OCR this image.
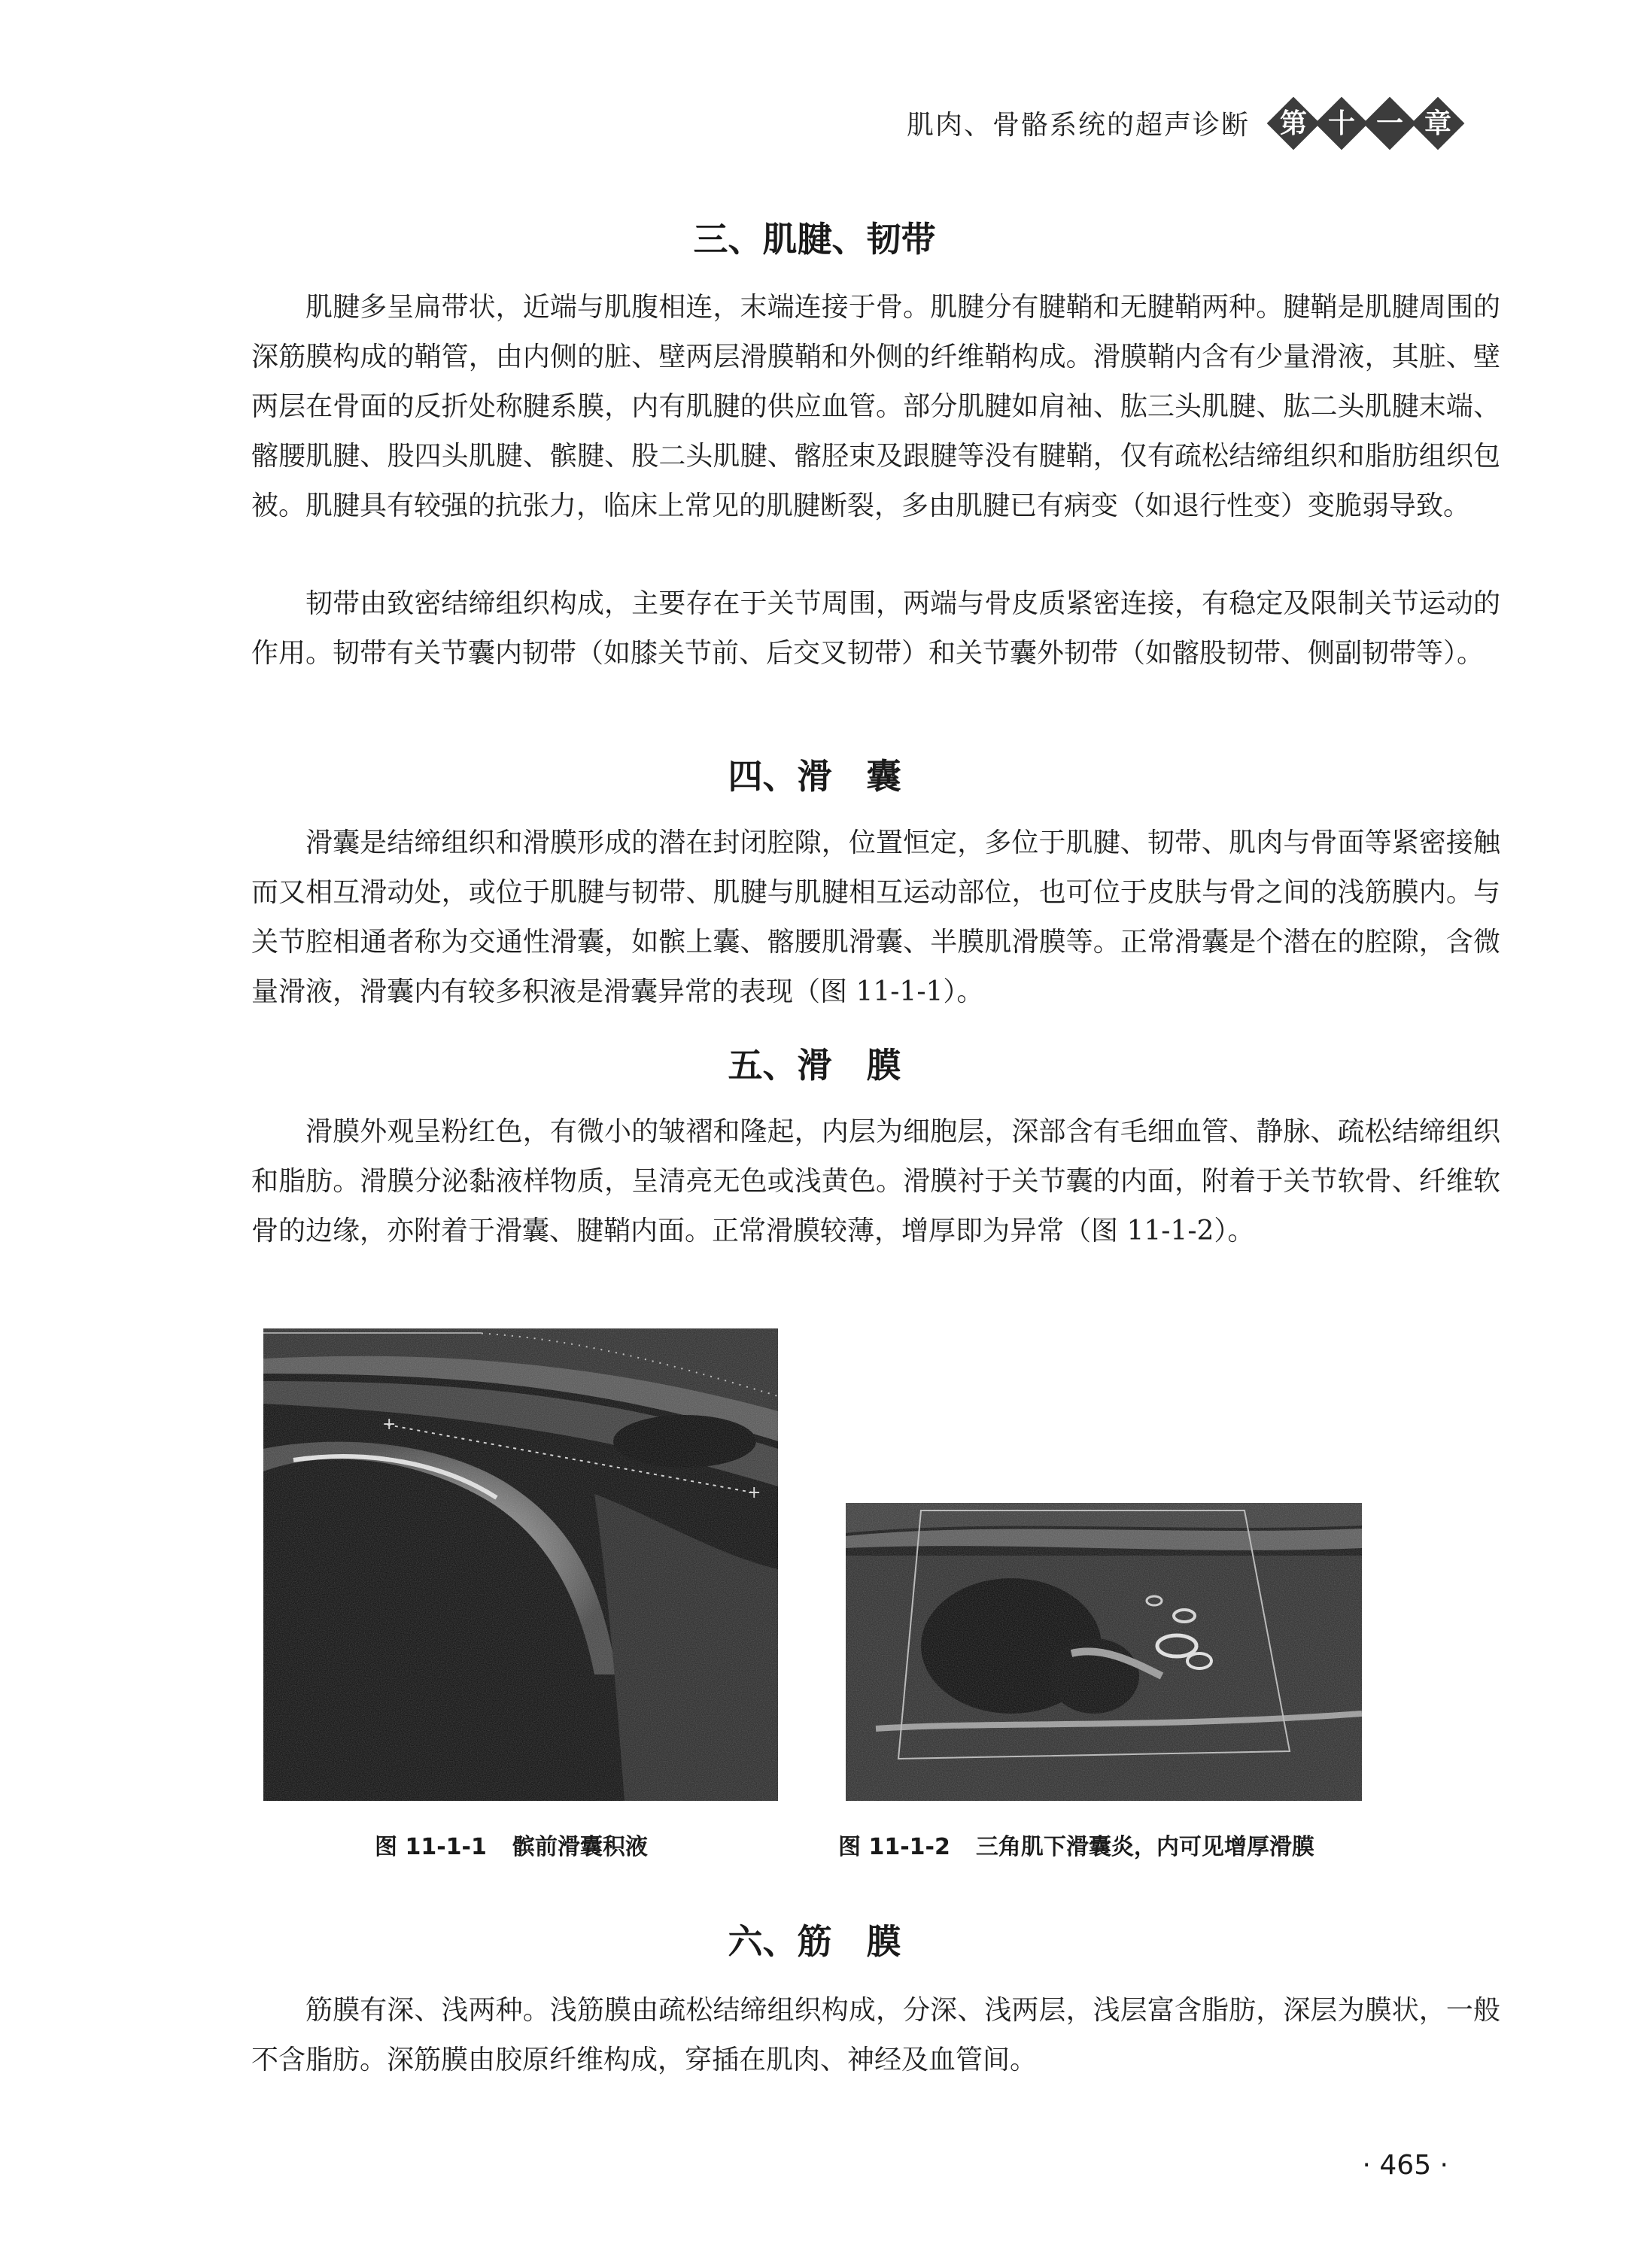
肌肉、骨骼系统的超声诊断 第 十 一 章
三、肌腱、韧带

肌腱多呈扁带状，近端与肌腹相连，末端连接于骨。肌腱分有腱鞘和无腱鞘两种。腱鞘是肌腱周围的深筋膜构成的鞘管，由内侧的脏、壁两层滑膜鞘和外侧的纤维鞘构成。滑膜鞘内含有少量滑液，其脏、壁两层在骨面的反折处称腱系膜，内有肌腱的供应血管。部分肌腱如肩袖、肱三头肌腱、肱二头肌腱末端、髂腰肌腱、股四头肌腱、髌腱、股二头肌腱、髂胫束及跟腱等没有腱鞘，仅有疏松结缔组织和脂肪组织包被。肌腱具有较强的抗张力，临床上常见的肌腱断裂，多由肌腱已有病变（如退行性变）变脆弱导致。

韧带由致密结缔组织构成，主要存在于关节周围，两端与骨皮质紧密连接，有稳定及限制关节运动的作用。韧带有关节囊内韧带（如膝关节前、后交叉韧带）和关节囊外韧带（如髂股韧带、侧副韧带等）。

四、滑　囊

滑囊是结缔组织和滑膜形成的潜在封闭腔隙，位置恒定，多位于肌腱、韧带、肌肉与骨面等紧密接触而又相互滑动处，或位于肌腱与韧带、肌腱与肌腱相互运动部位，也可位于皮肤与骨之间的浅筋膜内。与关节腔相通者称为交通性滑囊，如髌上囊、髂腰肌滑囊、半膜肌滑膜等。正常滑囊是个潜在的腔隙，含微量滑液，滑囊内有较多积液是滑囊异常的表现（图 11-1-1）。

五、滑　膜

滑膜外观呈粉红色，有微小的皱褶和隆起，内层为细胞层，深部含有毛细血管、静脉、疏松结缔组织和脂肪。滑膜分泌黏液样物质，呈清亮无色或浅黄色。滑膜衬于关节囊的内面，附着于关节软骨、纤维软骨的边缘，亦附着于滑囊、腱鞘内面。正常滑膜较薄，增厚即为异常（图 11-1-2）。

图 11-1-1 髌前滑囊积液	图 11-1-2 三角肌下滑囊炎，内可见增厚滑膜

六、筋　膜

筋膜有深、浅两种。浅筋膜由疏松结缔组织构成，分深、浅两层，浅层富含脂肪，深层为膜状，一般不含脂肪。深筋膜由胶原纤维构成，穿插在肌肉、神经及血管间。

· 465 ·
